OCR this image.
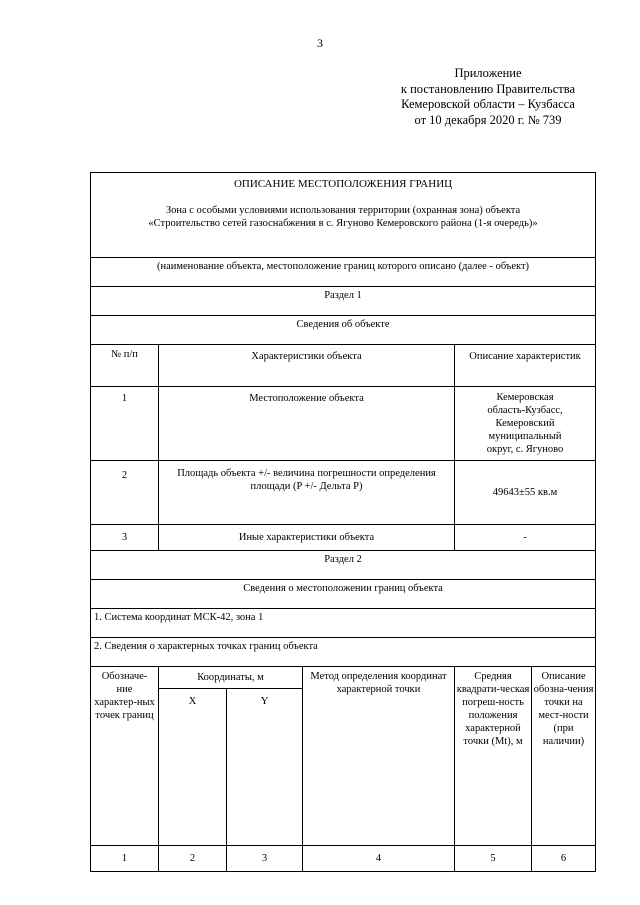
3
Приложение
к постановлению Правительства
Кемеровской области – Кузбасса
от 10 декабря 2020 г. № 739
ОПИСАНИЕ МЕСТОПОЛОЖЕНИЯ ГРАНИЦ
Зона с особыми условиями использования территории (охранная зона) объекта
«Строительство сетей газоснабжения в с. Ягуново Кемеровского района (1-я очередь)»					

(наименование объекта, местоположение границ которого описано (далее - объект)					
Раздел 1					
Сведения об объекте					
№ п/п	Характеристики объекта			Описание характеристик	
1	Местоположение объекта			Кемеровская область-Кузбасс, Кемеровский муниципальный округ, с. Ягуново	
2	Площадь объекта +/- величина погрешности определения площади (P +/- Дельта P)			49643±55 кв.м	
3	Иные характеристики объекта			-	
Раздел 2					
Сведения о местоположении границ объекта					
1. Система координат МСК-42, зона 1					
2. Сведения о характерных точках границ объекта					
Обозначе-ние характер-ных точек границ	Координаты, м		Метод определения координат характерной точки	Средняя квадрати-ческая погреш-ность положения характерной точки (Mt), м	Описание обозна-чения точки на мест-ности (при наличии)
	X	Y			
1	2	3	4	5	6
